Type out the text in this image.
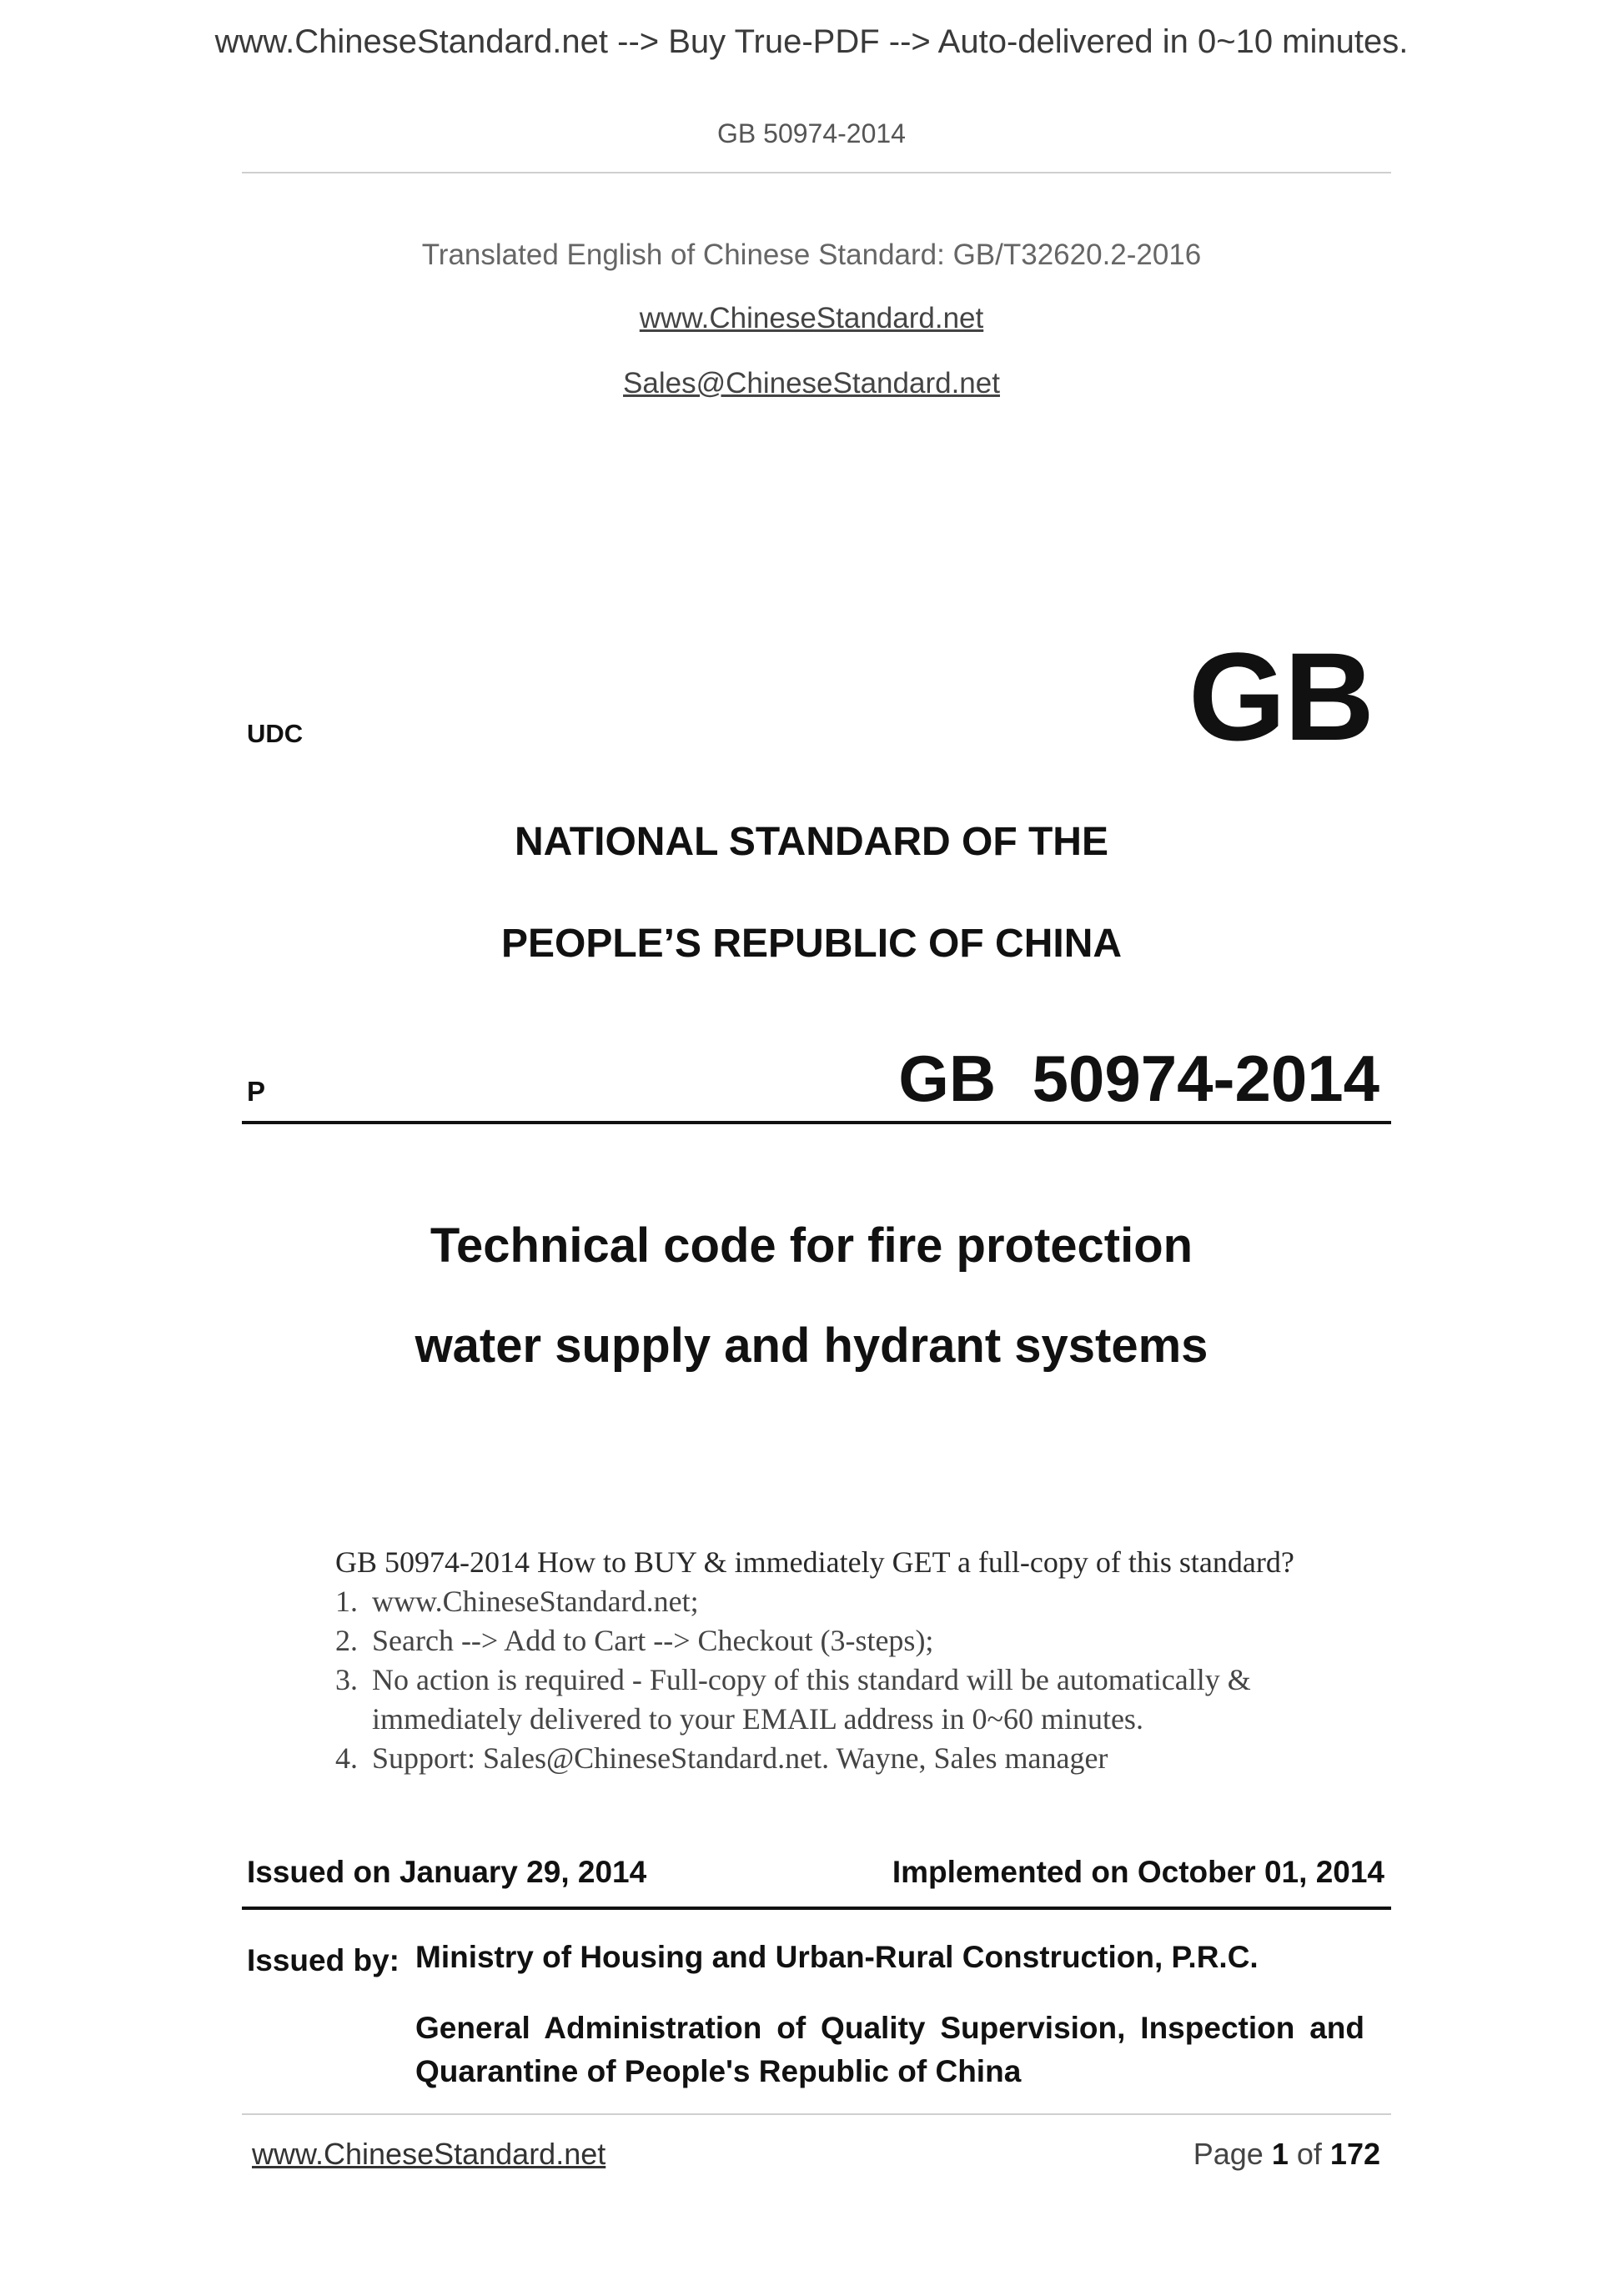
www.ChineseStandard.net --> Buy True-PDF --> Auto-delivered in 0~10 minutes.
GB 50974-2014
Translated English of Chinese Standard: GB/T32620.2-2016
www.ChineseStandard.net
Sales@ChineseStandard.net
UDC	GB
NATIONAL STANDARD OF THE
PEOPLE’S REPUBLIC OF CHINA
P	GB  50974-2014
Technical code for fire protection
water supply and hydrant systems
GB 50974-2014 How to BUY & immediately GET a full-copy of this standard?
1. www.ChineseStandard.net;
2. Search --> Add to Cart --> Checkout (3-steps);
3. No action is required - Full-copy of this standard will be automatically & immediately delivered to your EMAIL address in 0~60 minutes.
4. Support: Sales@ChineseStandard.net. Wayne, Sales manager
Issued on January 29, 2014	Implemented on October 01, 2014
Issued by: Ministry of Housing and Urban-Rural Construction, P.R.C.
General Administration of Quality Supervision, Inspection and Quarantine of People's Republic of China
www.ChineseStandard.net	Page 1 of 172
